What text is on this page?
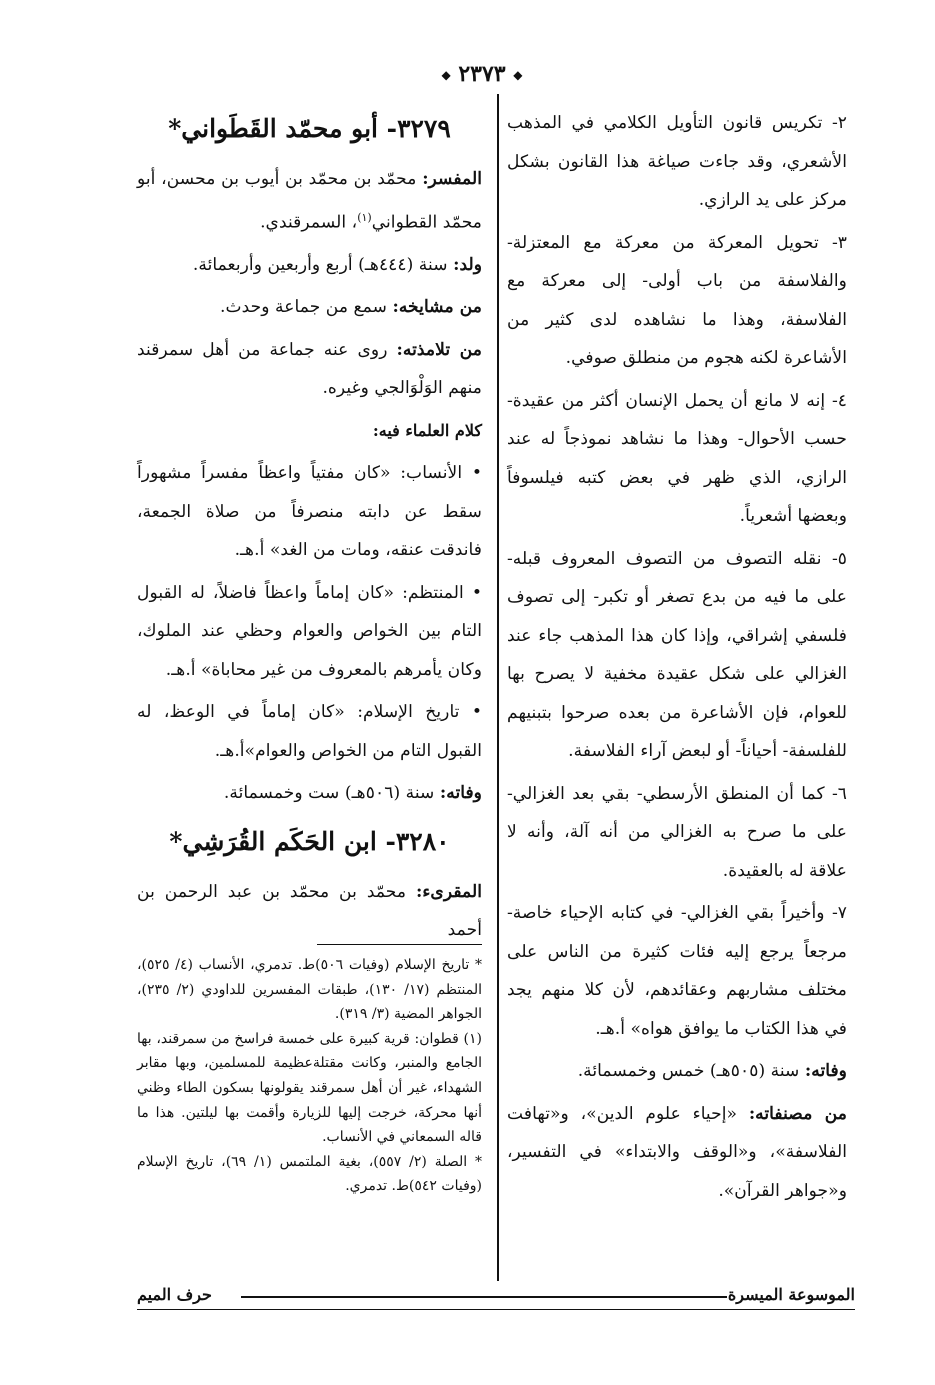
◆ ٢٣٧٣ ◆

٢- تكريس قانون التأويل الكلامي في المذهب الأشعري، وقد جاءت صياغة هذا القانون بشكل مركز على يد الرازي.

٣- تحويل المعركة من معركة مع المعتزلة- والفلاسفة من باب أولى- إلى معركة مع الفلاسفة، وهذا ما نشاهده لدى كثير من الأشاعرة لكنه هجوم من منطلق صوفي.

٤- إنه لا مانع أن يحمل الإنسان أكثر من عقيدة- حسب الأحوال- وهذا ما نشاهد نموذجاً له عند الرازي، الذي ظهر في بعض كتبه فيلسوفاً وبعضها أشعرياً.

٥- نقله التصوف من التصوف المعروف قبله- على ما فيه من بدع تصغر أو تكبر- إلى تصوف فلسفي إشراقي، وإذا كان هذا المذهب جاء عند الغزالي على شكل عقيدة مخفية لا يصرح بها للعوام، فإن الأشاعرة من بعده صرحوا بتبنيهم للفلسفة- أحياناً- أو لبعض آراء الفلاسفة.

٦- كما أن المنطق الأرسطي- بقي بعد الغزالي- على ما صرح به الغزالي من أنه آلة، وأنه لا علاقة له بالعقيدة.

٧- وأخيراً بقي الغزالي- في كتابه الإحياء خاصة- مرجعاً يرجع إليه فئات كثيرة من الناس على مختلف مشاربهم وعقائدهم، لأن كلا منهم يجد في هذا الكتاب ما يوافق هواه» أ.هـ.

وفاته: سنة (٥٠٥هـ) خمس وخمسمائة.

من مصنفاته: «إحياء علوم الدين»، و«تهافت الفلاسفة»، و«الوقف والابتداء» في التفسير، و«جواهر القرآن».

٣٢٧٩- أبو محمّد القَطَواني*

المفسر: محمّد بن محمّد بن أيوب بن محسن، أبو محمّد القطواني$^{(١)}$، السمرقندي.

ولد: سنة (٤٤٤هـ) أربع وأربعين وأربعمائة.

من مشايخه: سمع من جماعة وحدث.

من تلامذته: روى عنه جماعة من أهل سمرقند منهم الوَلْوَالجي وغيره.

كلام العلماء فيه:

• الأنساب: «كان مفتياً واعظاً مفسراً مشهوراً سقط عن دابته منصرفاً من صلاة الجمعة، فاندقت عنقه، ومات من الغد» أ.هـ.

• المنتظم: «كان إماماً واعظاً فاضلاً، له القبول التام بين الخواص والعوام وحظي عند الملوك، وكان يأمرهم بالمعروف من غير محاباة» أ.هـ.

• تاريخ الإسلام: «كان إماماً في الوعظ، له القبول التام من الخواص والعوام»أ.هـ.

وفاته: سنة (٥٠٦هـ) ست وخمسمائة.

٣٢٨٠- ابن الحَكَم القُرَشِي*

المقرىء: محمّد بن محمّد بن عبد الرحمن بن أحمد

* تاريخ الإسلام (وفيات ٥٠٦)ط. تدمري، الأنساب (٤/ ٥٢٥)، المنتظم (١٧/ ١٣٠)، طبقات المفسرين للداودي (٢/ ٢٣٥)، الجواهر المضية (٣/ ٣١٩).

(١) قطوان: قرية كبيرة على خمسة فراسخ من سمرقند، بها الجامع والمنبر، وكانت مقتلةعظيمة للمسلمين، وبها مقابر الشهداء، غير أن أهل سمرقند يقولونها بسكون الطاء وظني أنها محركة، خرجت إليها للزيارة وأقمت بها ليلتين. هذا ما قاله السمعاني في الأنساب.

* الصلة (٢/ ٥٥٧)، بغية الملتمس (١/ ٦٩)، تاريخ الإسلام (وفيات ٥٤٢)ط. تدمري.

الموسوعة الميسرة
حرف الميم
